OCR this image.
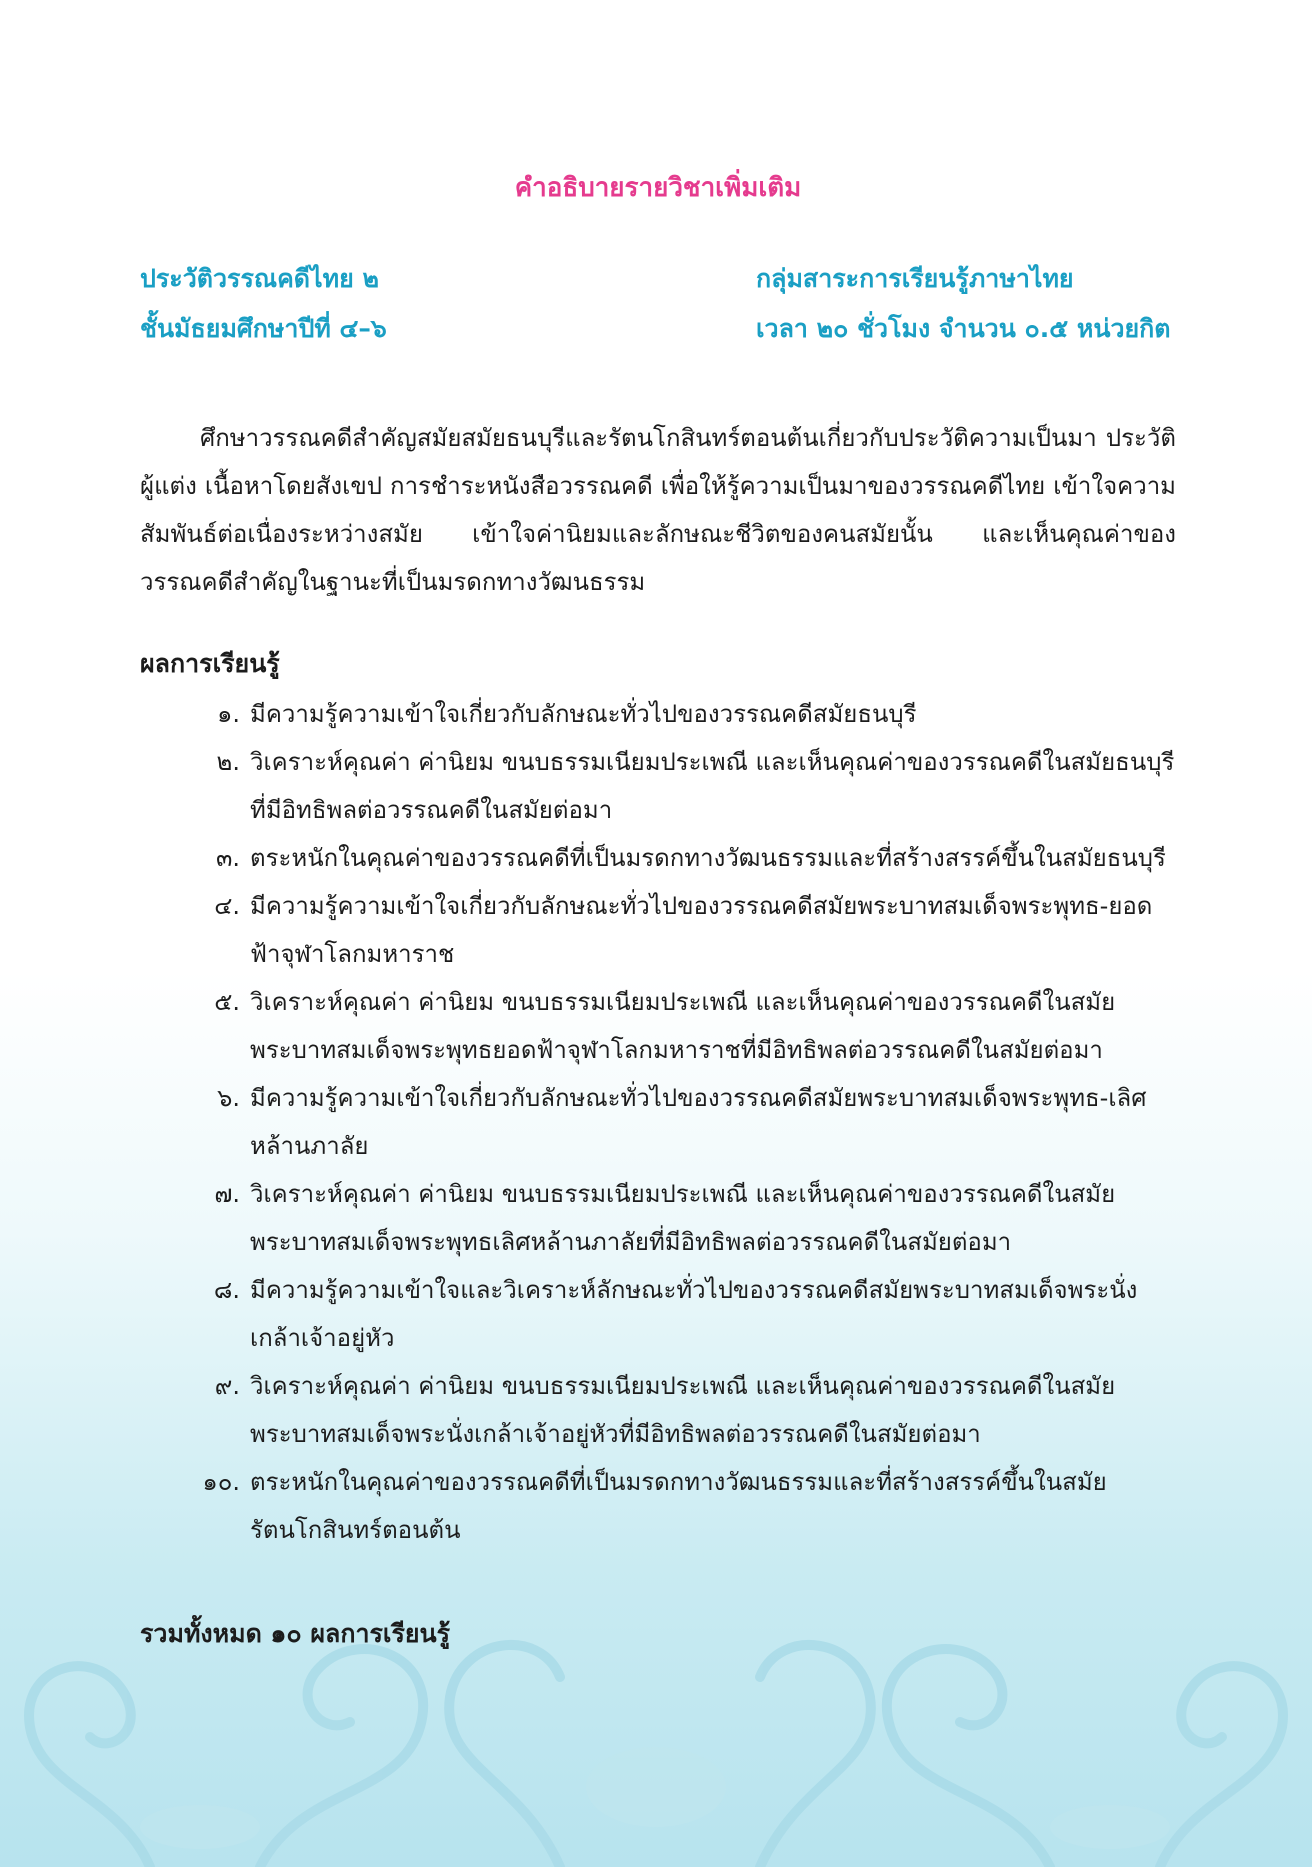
คำอธิบายรายวิชาเพิ่มเติม
ประวัติวรรณคดีไทย ๒	กลุ่มสาระการเรียนรู้ภาษาไทย
ชั้นมัธยมศึกษาปีที่ ๔–๖	เวลา ๒๐ ชั่วโมง จำนวน ๐.๕ หน่วยกิต
ศึกษาวรรณคดีสำคัญสมัยสมัยธนบุรีและรัตนโกสินทร์ตอนต้นเกี่ยวกับประวัติความเป็นมา ประวัติผู้แต่ง เนื้อหาโดยสังเขป การชำระหนังสือวรรณคดี เพื่อให้รู้ความเป็นมาของวรรณคดีไทย เข้าใจความสัมพันธ์ต่อเนื่องระหว่างสมัย เข้าใจค่านิยมและลักษณะชีวิตของคนสมัยนั้น และเห็นคุณค่าของวรรณคดีสำคัญในฐานะที่เป็นมรดกทางวัฒนธรรม
ผลการเรียนรู้
๑. มีความรู้ความเข้าใจเกี่ยวกับลักษณะทั่วไปของวรรณคดีสมัยธนบุรี
๒. วิเคราะห์คุณค่า ค่านิยม ขนบธรรมเนียมประเพณี และเห็นคุณค่าของวรรณคดีในสมัยธนบุรีที่มีอิทธิพลต่อวรรณคดีในสมัยต่อมา
๓. ตระหนักในคุณค่าของวรรณคดีที่เป็นมรดกทางวัฒนธรรมและที่สร้างสรรค์ขึ้นในสมัยธนบุรี
๔. มีความรู้ความเข้าใจเกี่ยวกับลักษณะทั่วไปของวรรณคดีสมัยพระบาทสมเด็จพระพุทธ-ยอดฟ้าจุฬาโลกมหาราช
๕. วิเคราะห์คุณค่า ค่านิยม ขนบธรรมเนียมประเพณี และเห็นคุณค่าของวรรณคดีในสมัยพระบาทสมเด็จพระพุทธยอดฟ้าจุฬาโลกมหาราชที่มีอิทธิพลต่อวรรณคดีในสมัยต่อมา
๖. มีความรู้ความเข้าใจเกี่ยวกับลักษณะทั่วไปของวรรณคดีสมัยพระบาทสมเด็จพระพุทธ-เลิศหล้านภาลัย
๗. วิเคราะห์คุณค่า ค่านิยม ขนบธรรมเนียมประเพณี และเห็นคุณค่าของวรรณคดีในสมัยพระบาทสมเด็จพระพุทธเลิศหล้านภาลัยที่มีอิทธิพลต่อวรรณคดีในสมัยต่อมา
๘. มีความรู้ความเข้าใจและวิเคราะห์ลักษณะทั่วไปของวรรณคดีสมัยพระบาทสมเด็จพระนั่งเกล้าเจ้าอยู่หัว
๙. วิเคราะห์คุณค่า ค่านิยม ขนบธรรมเนียมประเพณี และเห็นคุณค่าของวรรณคดีในสมัยพระบาทสมเด็จพระนั่งเกล้าเจ้าอยู่หัวที่มีอิทธิพลต่อวรรณคดีในสมัยต่อมา
๑๐. ตระหนักในคุณค่าของวรรณคดีที่เป็นมรดกทางวัฒนธรรมและที่สร้างสรรค์ขึ้นในสมัยรัตนโกสินทร์ตอนต้น
รวมทั้งหมด ๑๐ ผลการเรียนรู้
